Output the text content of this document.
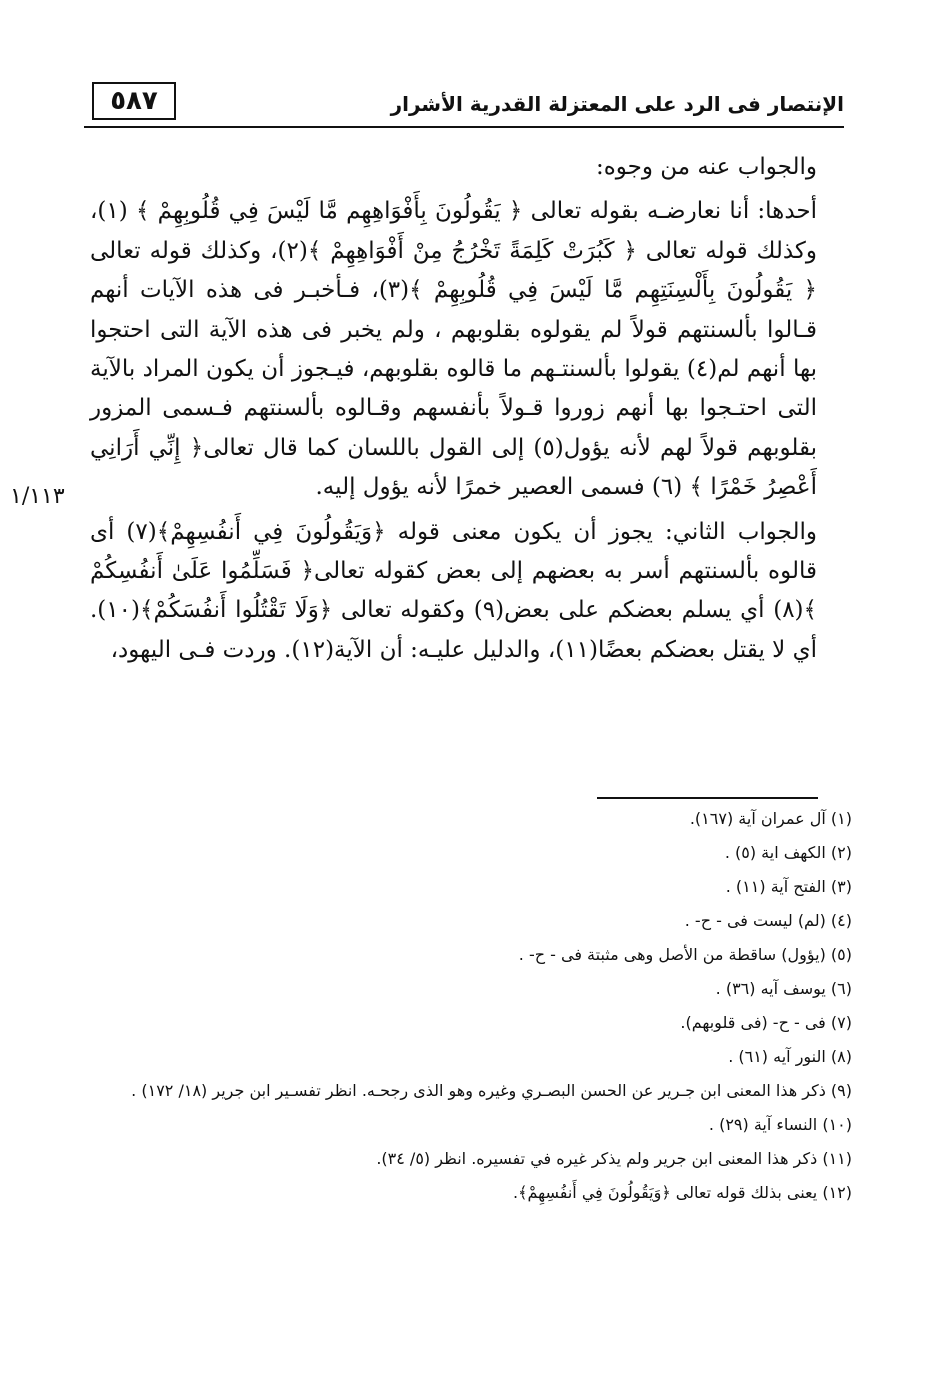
٥٨٧	الإنتصار فى الرد على المعتزلة القدرية الأشرار
١/١١٣

والجواب عنه من وجوه:

أحدها: أنا نعارضـه بقوله تعالى ﴿ يَقُولُونَ بِأَفْوَاهِهِم مَّا لَيْسَ فِي قُلُوبِهِمْ ﴾ (١)، وكذلك قوله تعالى ﴿ كَبُرَتْ كَلِمَةً تَخْرُجُ مِنْ أَفْوَاهِهِمْ ﴾(٢)، وكذلك قوله تعالى ﴿ يَقُولُونَ بِأَلْسِنَتِهِم مَّا لَيْسَ فِي قُلُوبِهِمْ ﴾(٣)، فـأخبـر فى هذه الآيات أنهم قـالوا بألسنتهم قولاً لم يقولوه بقلوبهم ، ولم يخبر فى هذه الآية التى احتجوا بها أنهم لم(٤) يقولوا بألسنتـهم ما قالوه بقلوبهم، فيـجوز أن يكون المراد بالآية التى احتـجوا بها أنهم زوروا قـولاً بأنفسهم وقـالوه بألسنتهم فـسمى المزور بقلوبهم قولاً لهم لأنه يؤول(٥) إلى القول باللسان كما قال تعالى﴿ إِنِّي أَرَانِي أَعْصِرُ خَمْرًا ﴾ (٦) فسمى العصير خمرًا لأنه يؤول إليه.

والجواب الثاني: يجوز أن يكون معنى قوله ﴿وَيَقُولُونَ فِي أَنفُسِهِمْ﴾(٧) أى قالوه بألسنتهم أسر به بعضهم إلى بعض كقوله تعالى﴿ فَسَلِّمُوا عَلَىٰ أَنفُسِكُمْ ﴾(٨) أي يسلم بعضكم على بعض(٩) وكقوله تعالى ﴿وَلَا تَقْتُلُوا أَنفُسَكُمْ﴾(١٠). أي لا يقتل بعضكم بعضًا(١١)، والدليل عليـه: أن الآية(١٢). وردت فـى اليهود،

(١) آل عمران آية (١٦٧).
(٢) الكهف اية (٥) .
(٣) الفتح آية (١١) .
(٤) (لم) ليست فى - ح- .
(٥) (يؤول) ساقطة من الأصل وهى مثبتة فى - ح- .
(٦) يوسف آيه (٣٦) .
(٧) فى - ح- (فى قلوبهم).
(٨) النور آيه (٦١) .
(٩) ذكر هذا المعنى ابن جـرير عن الحسن البصـري وغيره وهو الذى رجحـه. انظر تفسـير ابن جرير (١٨/ ١٧٢) .
(١٠) النساء آية (٢٩) .
(١١) ذكر هذا المعنى ابن جرير ولم يذكر غيره في تفسيره. انظر (٥/ ٣٤).
(١٢) يعنى بذلك قوله تعالى ﴿وَيَقُولُونَ فِي أَنفُسِهِمْ﴾.
